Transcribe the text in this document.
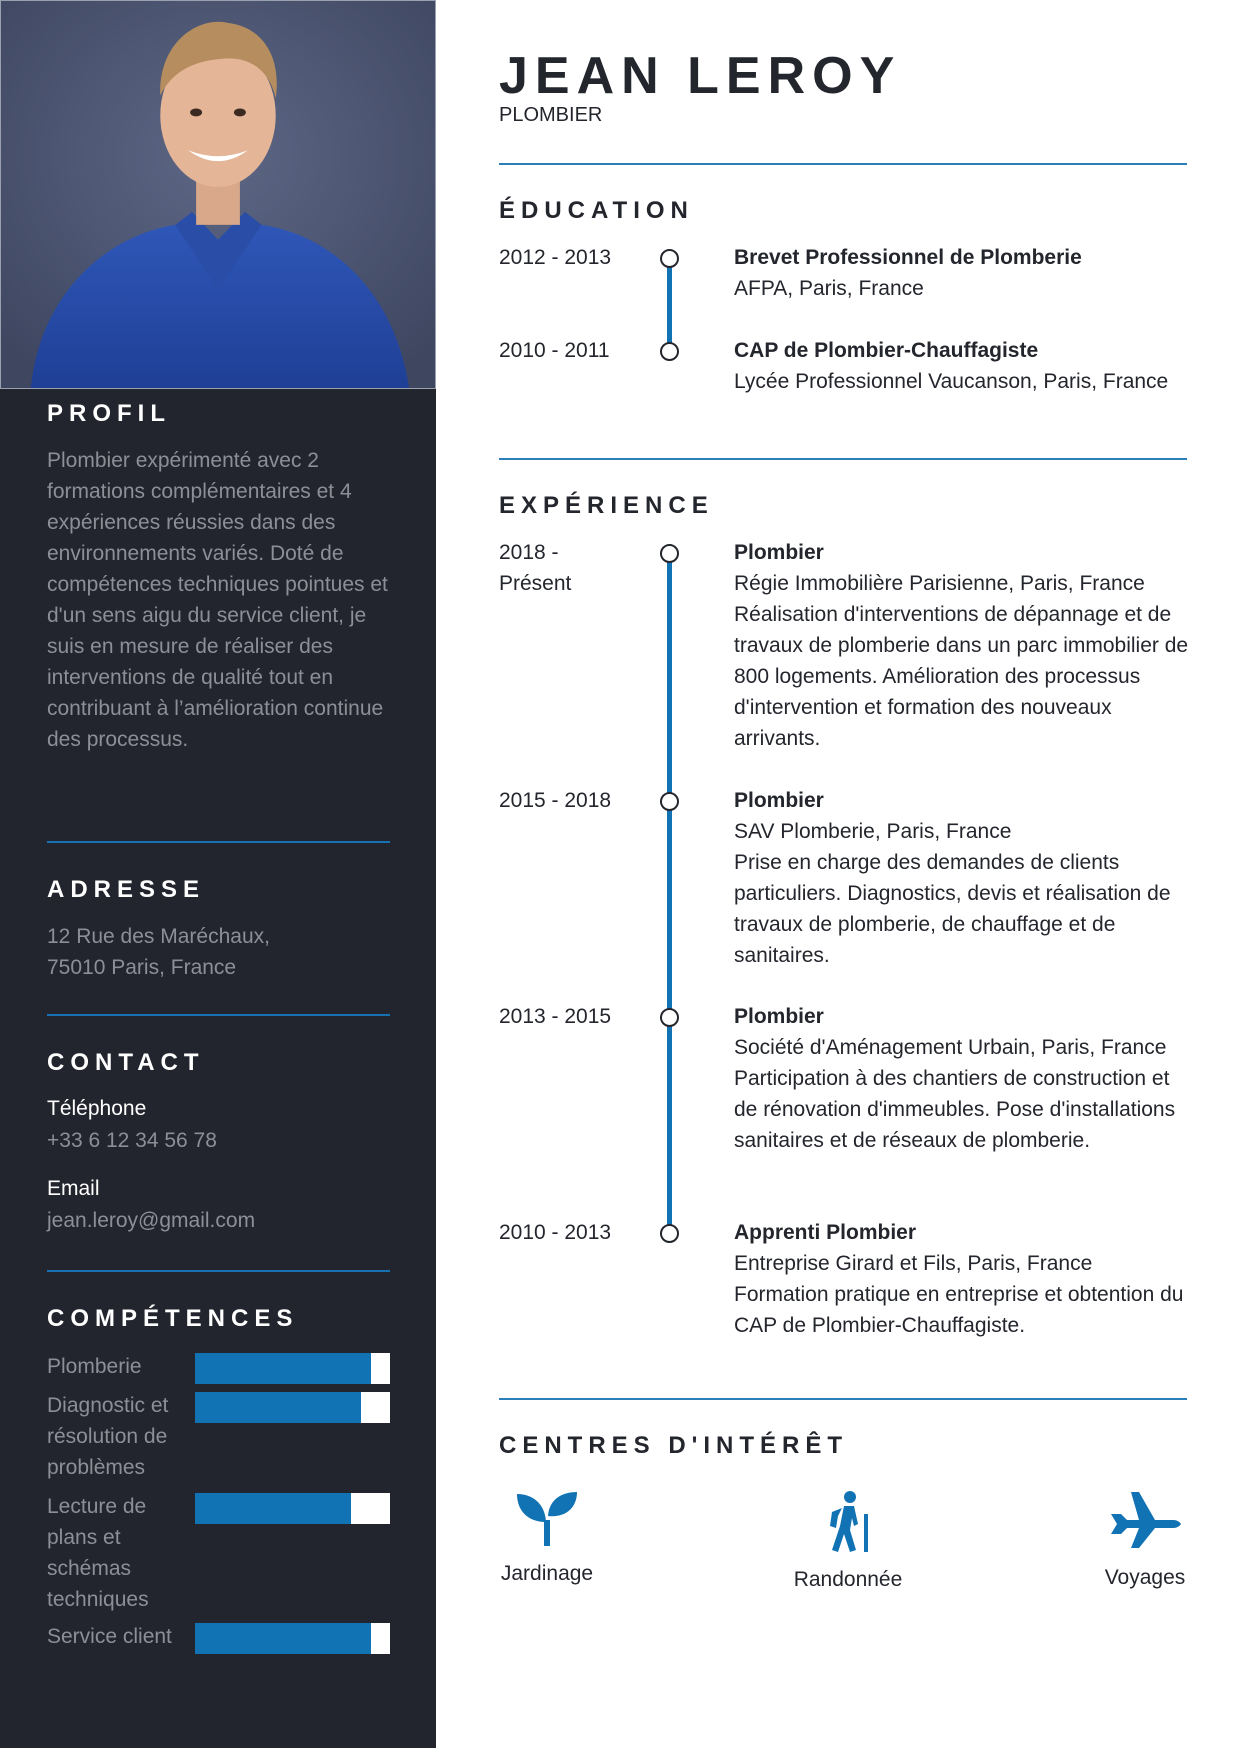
PROFIL
Plombier expérimenté avec 2 formations complémentaires et 4 expériences réussies dans des environnements variés. Doté de compétences techniques pointues et d'un sens aigu du service client, je suis en mesure de réaliser des interventions de qualité tout en contribuant à l’amélioration continue des processus.
ADRESSE
12 Rue des Maréchaux,
75010 Paris, France
CONTACT
Téléphone
+33 6 12 34 56 78
Email
jean.leroy@gmail.com
COMPÉTENCES
Plomberie
Diagnostic et résolution de problèmes
Lecture de plans et schémas techniques
Service client
JEAN LEROY
PLOMBIER
ÉDUCATION
2012 - 2013	Brevet Professionnel de Plomberie
AFPA, Paris, France
2010 - 2011	CAP de Plombier-Chauffagiste
Lycée Professionnel Vaucanson, Paris, France
EXPÉRIENCE
2018 - Présent
Plombier
Régie Immobilière Parisienne, Paris, France
Réalisation d'interventions de dépannage et de travaux de plomberie dans un parc immobilier de 800 logements. Amélioration des processus d'intervention et formation des nouveaux arrivants.
2015 - 2018	Plombier
SAV Plomberie, Paris, France
Prise en charge des demandes de clients particuliers. Diagnostics, devis et réalisation de travaux de plomberie, de chauffage et de sanitaires.
2013 - 2015	Plombier
Société d'Aménagement Urbain, Paris, France
Participation à des chantiers de construction et de rénovation d'immeubles. Pose d'installations sanitaires et de réseaux de plomberie.
2010 - 2013	Apprenti Plombier
Entreprise Girard et Fils, Paris, France
Formation pratique en entreprise et obtention du CAP de Plombier-Chauffagiste.
CENTRES D'INTÉRÊT
Jardinage	Randonnée	Voyages
